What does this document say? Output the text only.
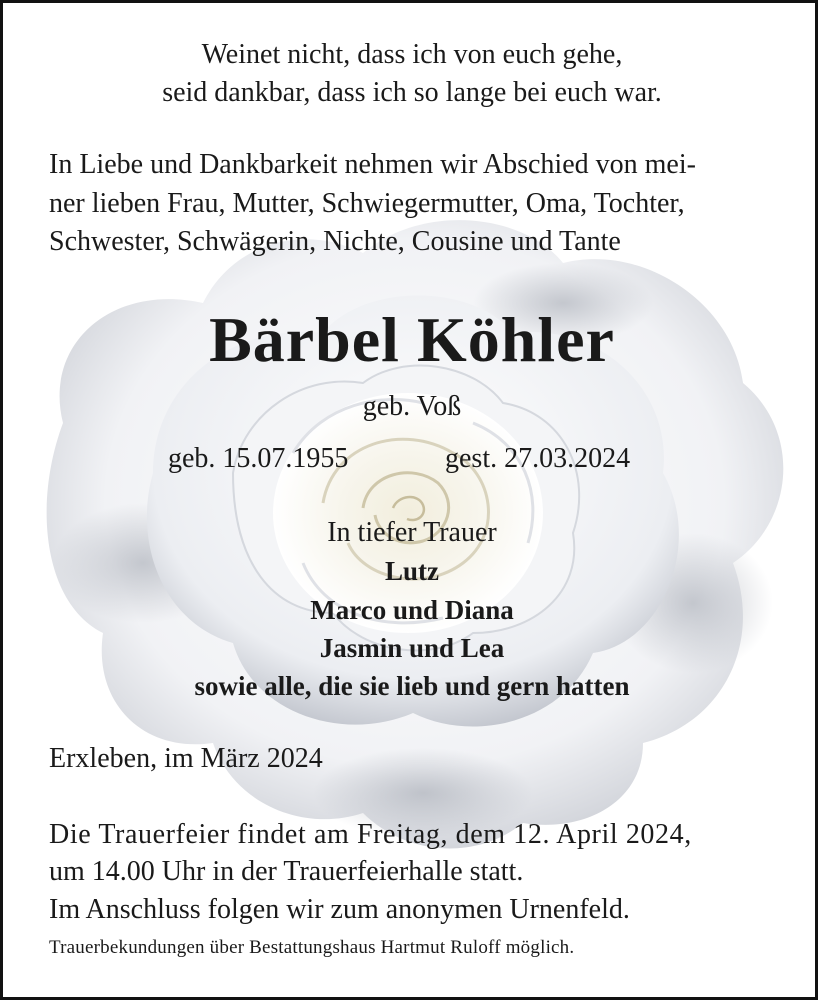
Weinet nicht, dass ich von euch gehe,

seid dankbar, dass ich so lange bei euch war.

In Liebe und Dankbarkeit nehmen wir Abschied von mei-

ner lieben Frau, Mutter, Schwiegermutter, Oma, Tochter,

Schwester, Schwägerin, Nichte, Cousine und Tante

Bärbel Köhler

geb. Voß

geb. 15.07.1955	gest. 27.03.2024

In tiefer Trauer

Lutz

Marco und Diana

Jasmin und Lea

sowie alle, die sie lieb und gern hatten

Erxleben, im März 2024

Die Trauerfeier findet am Freitag, dem 12. April 2024,

um 14.00 Uhr in der Trauerfeierhalle statt.

Im Anschluss folgen wir zum anonymen Urnenfeld.

Trauerbekundungen über Bestattungshaus Hartmut Ruloff möglich.
